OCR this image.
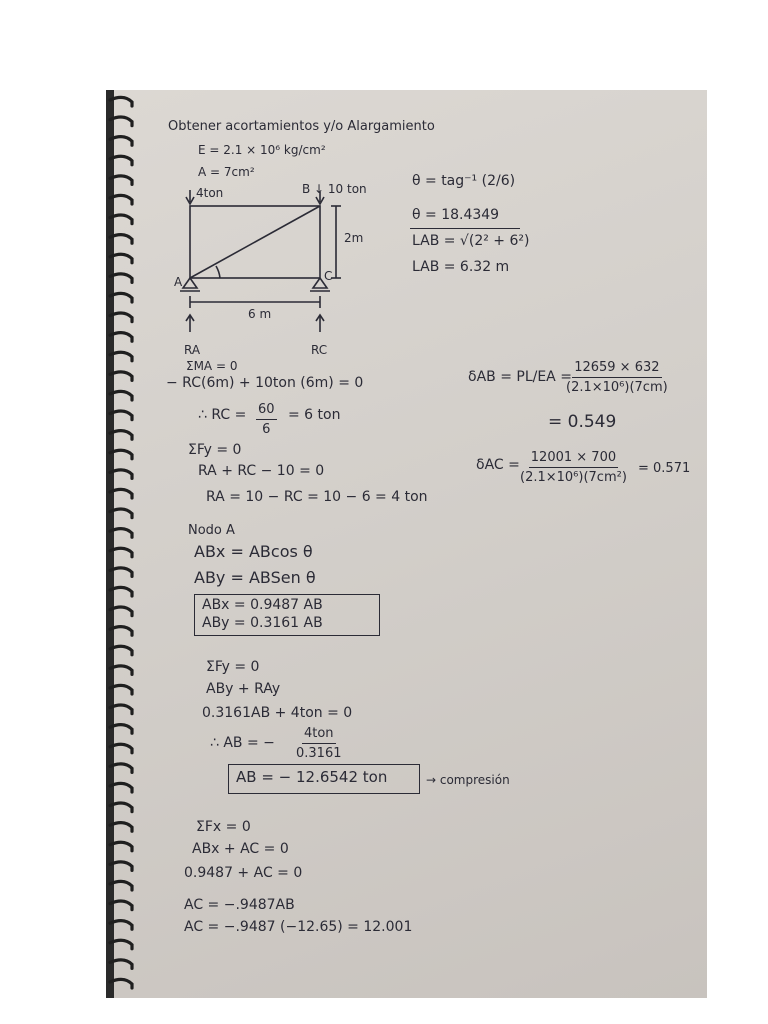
Obtener acortamientos y/o Alargamiento
E = 2.1 × 10⁶ kg/cm²
A = 7cm²
4ton	B ↓ 10 ton
2m
A	C
6 m
RA	RC
θ = tag⁻¹ (2/6)
θ = 18.4349
LAB = √(2² + 6²)
LAB = 6.32 m
ΣMA = 0
− RC(6m) + 10ton (6m) = 0
∴ RC = $\frac{60}{6} = 6$ ton
ΣFy = 0
RA + RC − 10 = 0
RA = 10 − RC = 10 − 6 = 4 ton
Nodo A
ABx = ABcos θ
ABy = ABSen θ
ABx = 0.9487 AB
ABy = 0.3161 AB
ΣFy = 0
ABy + RAy
0.3161AB + 4ton = 0
∴ AB = −
4ton
0.3161
AB = − 12.6542 ton	→ compresión
ΣFx = 0
ABx + AC = 0
0.9487 + AC = 0
AC = −.9487AB
AC = −.9487 (−12.65) = 12.001
δAB = PL/EA =
$\frac{12659 \times 632}{\text{(2.1×10⁶)(7cm)}}$
= 0.549
$\delta AC = \frac{12001 \times 700}{\text{(2.1×10⁶)(7cm²)}} = 0.571$
